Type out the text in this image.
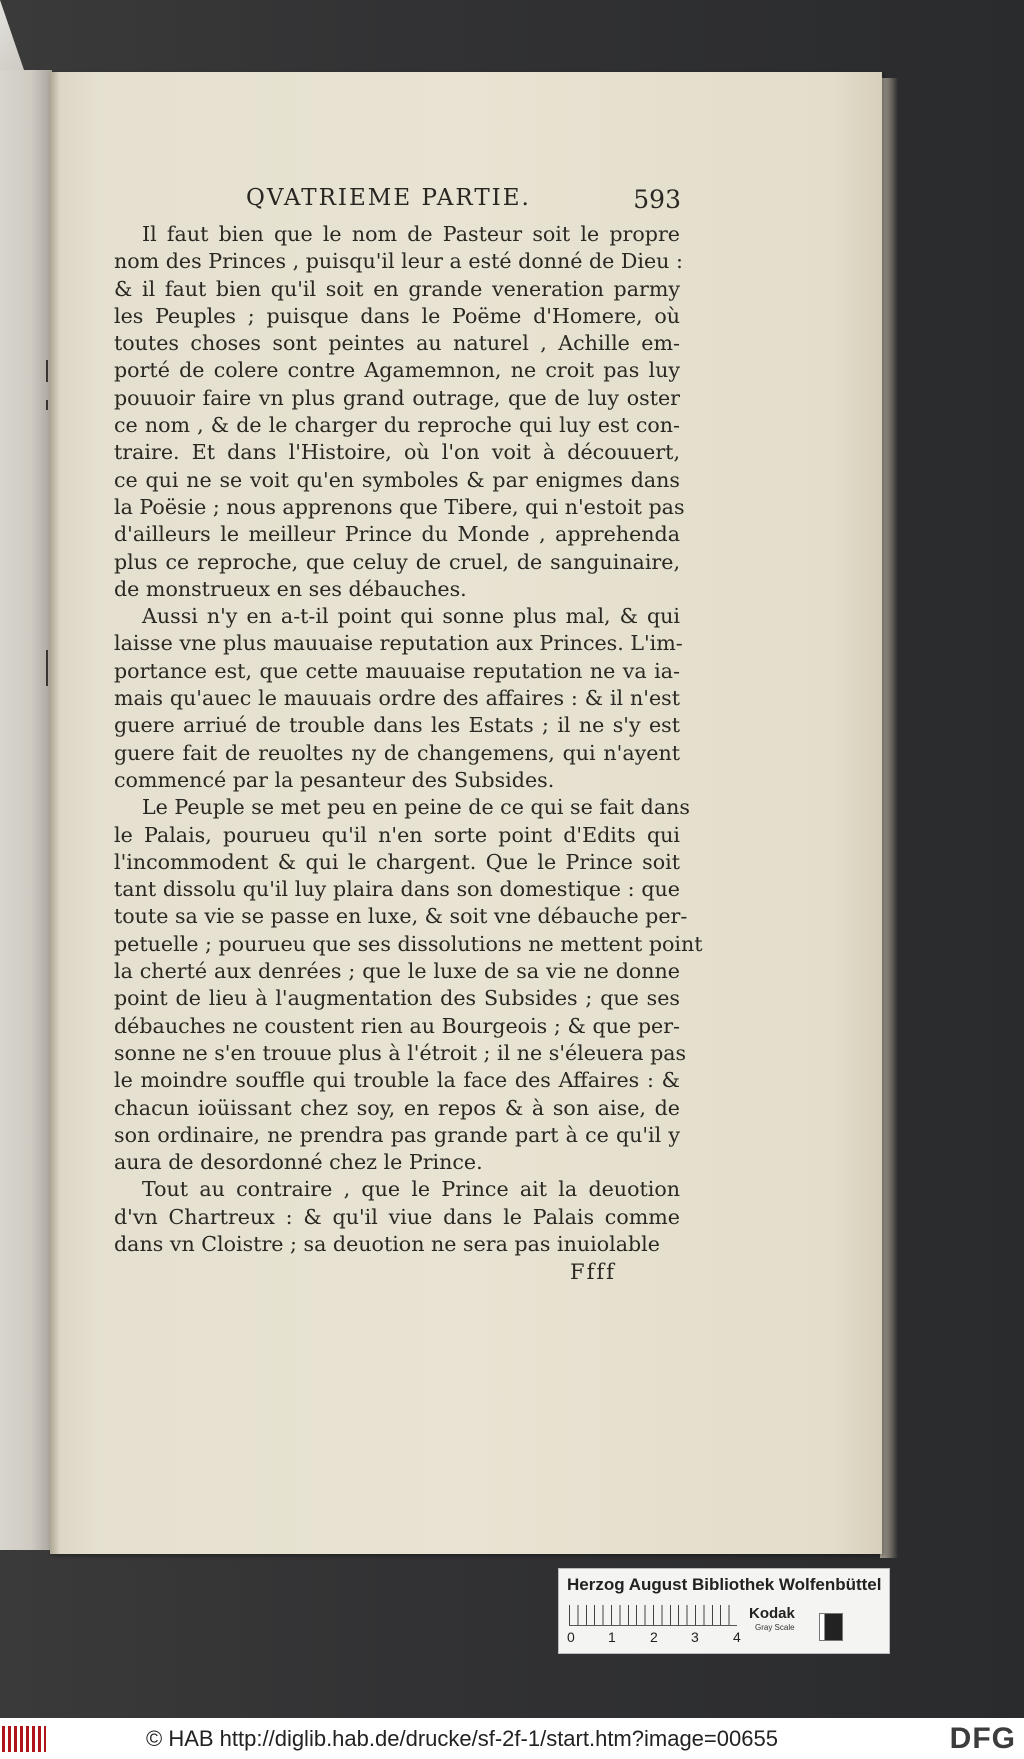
QVATRIEME PARTIE.	593
Il faut bien que le nom de Pasteur soit le propre
nom des Princes , puisqu'il leur a esté donné de Dieu :
& il faut bien qu'il soit en grande veneration parmy
les Peuples ; puisque dans le Poëme d'Homere, où
toutes choses sont peintes au naturel , Achille em-
porté de colere contre Agamemnon, ne croit pas luy
pouuoir faire vn plus grand outrage, que de luy oster
ce nom , & de le charger du reproche qui luy est con-
traire. Et dans l'Histoire, où l'on voit à découuert,
ce qui ne se voit qu'en symboles & par enigmes dans
la Poësie ; nous apprenons que Tibere, qui n'estoit pas
d'ailleurs le meilleur Prince du Monde , apprehenda
plus ce reproche, que celuy de cruel, de sanguinaire,
de monstrueux en ses débauches.
Aussi n'y en a-t-il point qui sonne plus mal, & qui
laisse vne plus mauuaise reputation aux Princes. L'im-
portance est, que cette mauuaise reputation ne va ia-
mais qu'auec le mauuais ordre des affaires : & il n'est
guere arriué de trouble dans les Estats ; il ne s'y est
guere fait de reuoltes ny de changemens, qui n'ayent
commencé par la pesanteur des Subsides.
Le Peuple se met peu en peine de ce qui se fait dans
le Palais, pourueu qu'il n'en sorte point d'Edits qui
l'incommodent & qui le chargent. Que le Prince soit
tant dissolu qu'il luy plaira dans son domestique : que
toute sa vie se passe en luxe, & soit vne débauche per-
petuelle ; pourueu que ses dissolutions ne mettent point
la cherté aux denrées ; que le luxe de sa vie ne donne
point de lieu à l'augmentation des Subsides ; que ses
débauches ne coustent rien au Bourgeois ; & que per-
sonne ne s'en trouue plus à l'étroit ; il ne s'éleuera pas
le moindre souffle qui trouble la face des Affaires : &
chacun ioüissant chez soy, en repos & à son aise, de
son ordinaire, ne prendra pas grande part à ce qu'il y
aura de desordonné chez le Prince.
Tout au contraire , que le Prince ait la deuotion
d'vn Chartreux : & qu'il viue dans le Palais comme
dans vn Cloistre ; sa deuotion ne sera pas inuiolable
Ffff
Herzog August Bibliothek Wolfenbüttel
0 1 2 3 4
Kodak
Gray Scale
© HAB http://diglib.hab.de/drucke/sf-2f-1/start.htm?image=00655	DFG
